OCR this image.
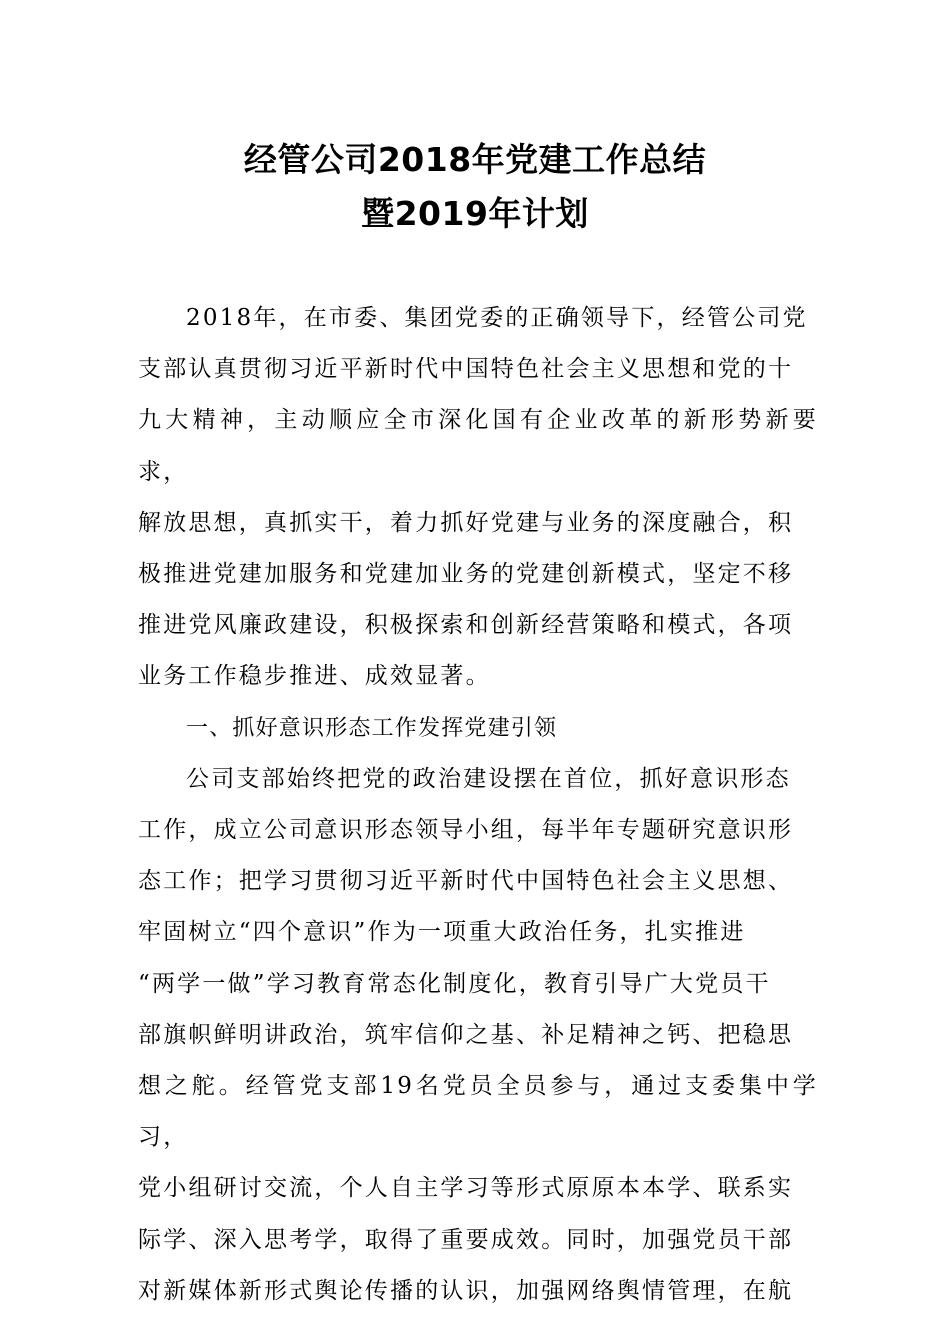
经管公司2018年党建工作总结
暨2019年计划
2018年，在市委、集团党委的正确领导下，经管公司党
支部认真贯彻习近平新时代中国特色社会主义思想和党的十
九大精神，主动顺应全市深化国有企业改革的新形势新要求，
解放思想，真抓实干，着力抓好党建与业务的深度融合，积
极推进党建加服务和党建加业务的党建创新模式，坚定不移
推进党风廉政建设，积极探索和创新经营策略和模式，各项
业务工作稳步推进、成效显著。
一、抓好意识形态工作发挥党建引领
公司支部始终把党的政治建设摆在首位，抓好意识形态
工作，成立公司意识形态领导小组，每半年专题研究意识形
态工作；把学习贯彻习近平新时代中国特色社会主义思想、
牢固树立“四个意识”作为一项重大政治任务，扎实推进
“两学一做”学习教育常态化制度化，教育引导广大党员干
部旗帜鲜明讲政治，筑牢信仰之基、补足精神之钙、把稳思
想之舵。经管党支部19名党员全员参与，通过支委集中学习，
党小组研讨交流，个人自主学习等形式原原本本学、联系实
际学、深入思考学，取得了重要成效。同时，加强党员干部
对新媒体新形式舆论传播的认识，加强网络舆情管理，在航
